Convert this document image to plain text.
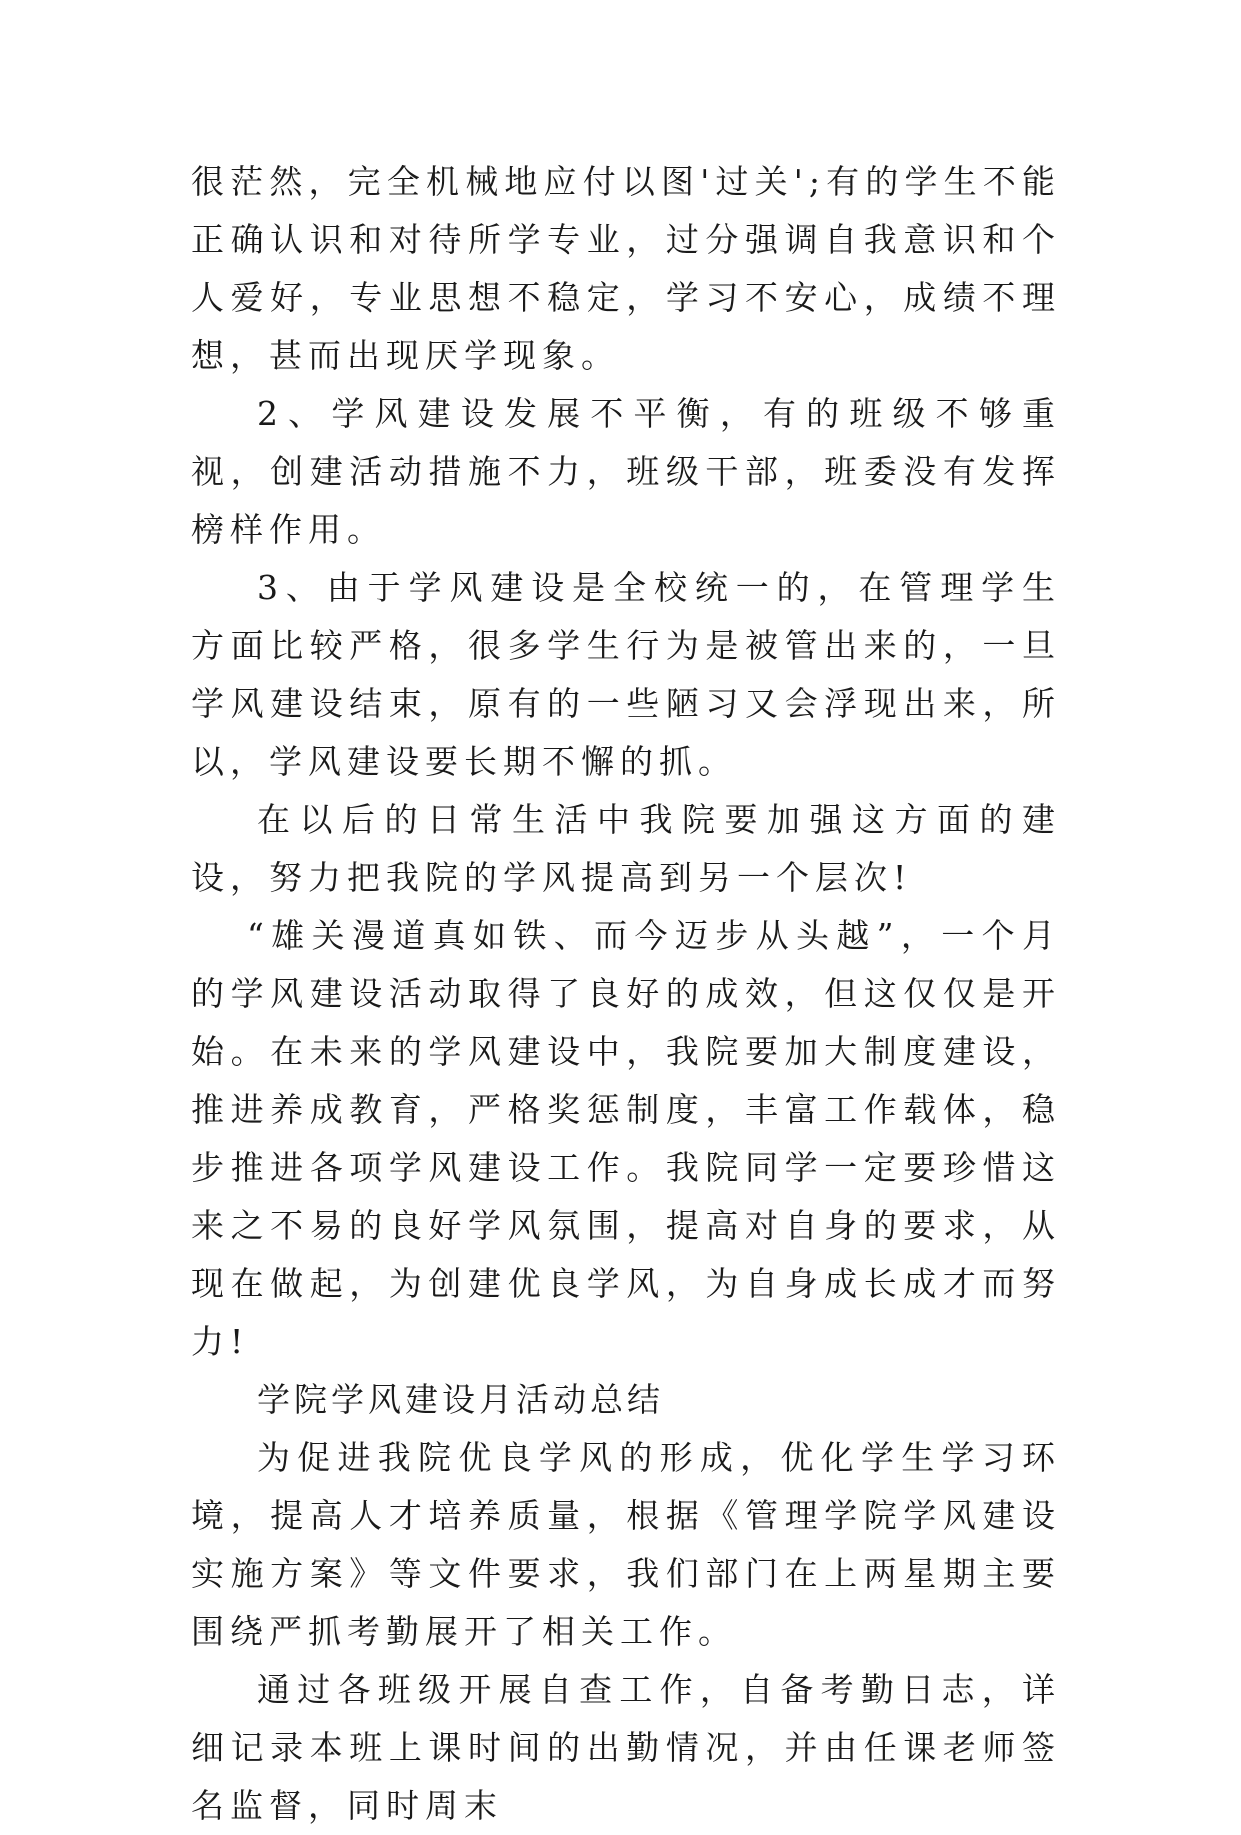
很茫然，完全机械地应付以图'过关';有的学生不能正确认识和对待所学专业，过分强调自我意识和个人爱好，专业思想不稳定，学习不安心，成绩不理想，甚而出现厌学现象。

2、学风建设发展不平衡，有的班级不够重视，创建活动措施不力，班级干部，班委没有发挥榜样作用。

3、由于学风建设是全校统一的，在管理学生方面比较严格，很多学生行为是被管出来的，一旦学风建设结束，原有的一些陋习又会浮现出来，所以，学风建设要长期不懈的抓。

在以后的日常生活中我院要加强这方面的建设，努力把我院的学风提高到另一个层次!

“雄关漫道真如铁、而今迈步从头越”，一个月的学风建设活动取得了良好的成效，但这仅仅是开始。在未来的学风建设中，我院要加大制度建设，推进养成教育，严格奖惩制度，丰富工作载体，稳步推进各项学风建设工作。我院同学一定要珍惜这来之不易的良好学风氛围，提高对自身的要求，从现在做起，为创建优良学风，为自身成长成才而努力!

学院学风建设月活动总结

为促进我院优良学风的形成，优化学生学习环境，提高人才培养质量，根据《管理学院学风建设实施方案》等文件要求，我们部门在上两星期主要围绕严抓考勤展开了相关工作。

通过各班级开展自查工作，自备考勤日志，详细记录本班上课时间的出勤情况，并由任课老师签名监督，同时周末
